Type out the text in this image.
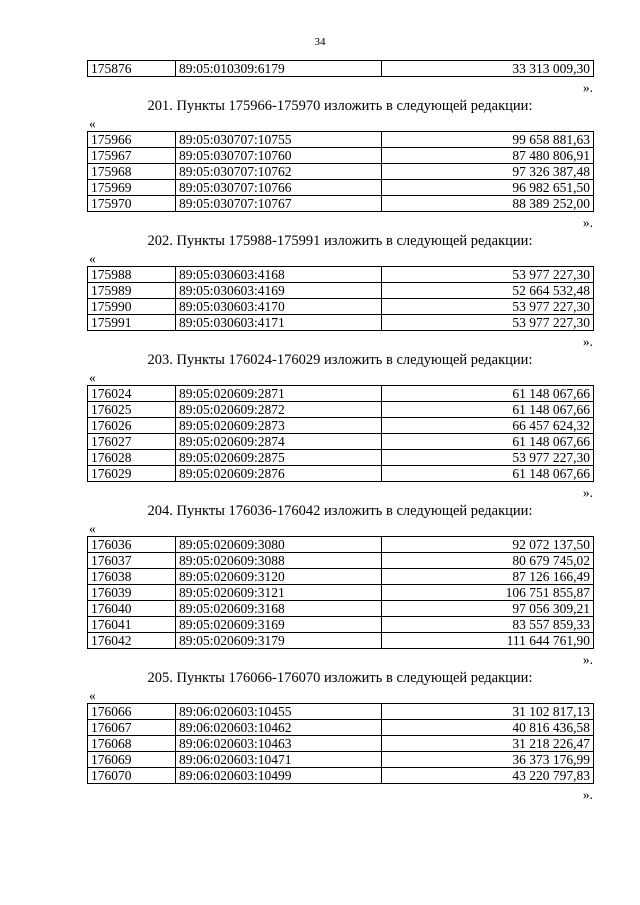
34
175876	89:05:010309:6179	33 313 009,30
».
201. Пункты 175966-175970 изложить в следующей редакции:
«
175966	89:05:030707:10755	99 658 881,63
175967	89:05:030707:10760	87 480 806,91
175968	89:05:030707:10762	97 326 387,48
175969	89:05:030707:10766	96 982 651,50
175970	89:05:030707:10767	88 389 252,00
».
202. Пункты 175988-175991 изложить в следующей редакции:
«
175988	89:05:030603:4168	53 977 227,30
175989	89:05:030603:4169	52 664 532,48
175990	89:05:030603:4170	53 977 227,30
175991	89:05:030603:4171	53 977 227,30
».
203. Пункты 176024-176029 изложить в следующей редакции:
«
176024	89:05:020609:2871	61 148 067,66
176025	89:05:020609:2872	61 148 067,66
176026	89:05:020609:2873	66 457 624,32
176027	89:05:020609:2874	61 148 067,66
176028	89:05:020609:2875	53 977 227,30
176029	89:05:020609:2876	61 148 067,66
».
204. Пункты 176036-176042 изложить в следующей редакции:
«
176036	89:05:020609:3080	92 072 137,50
176037	89:05:020609:3088	80 679 745,02
176038	89:05:020609:3120	87 126 166,49
176039	89:05:020609:3121	106 751 855,87
176040	89:05:020609:3168	97 056 309,21
176041	89:05:020609:3169	83 557 859,33
176042	89:05:020609:3179	111 644 761,90
».
205. Пункты 176066-176070 изложить в следующей редакции:
«
176066	89:06:020603:10455	31 102 817,13
176067	89:06:020603:10462	40 816 436,58
176068	89:06:020603:10463	31 218 226,47
176069	89:06:020603:10471	36 373 176,99
176070	89:06:020603:10499	43 220 797,83
».
